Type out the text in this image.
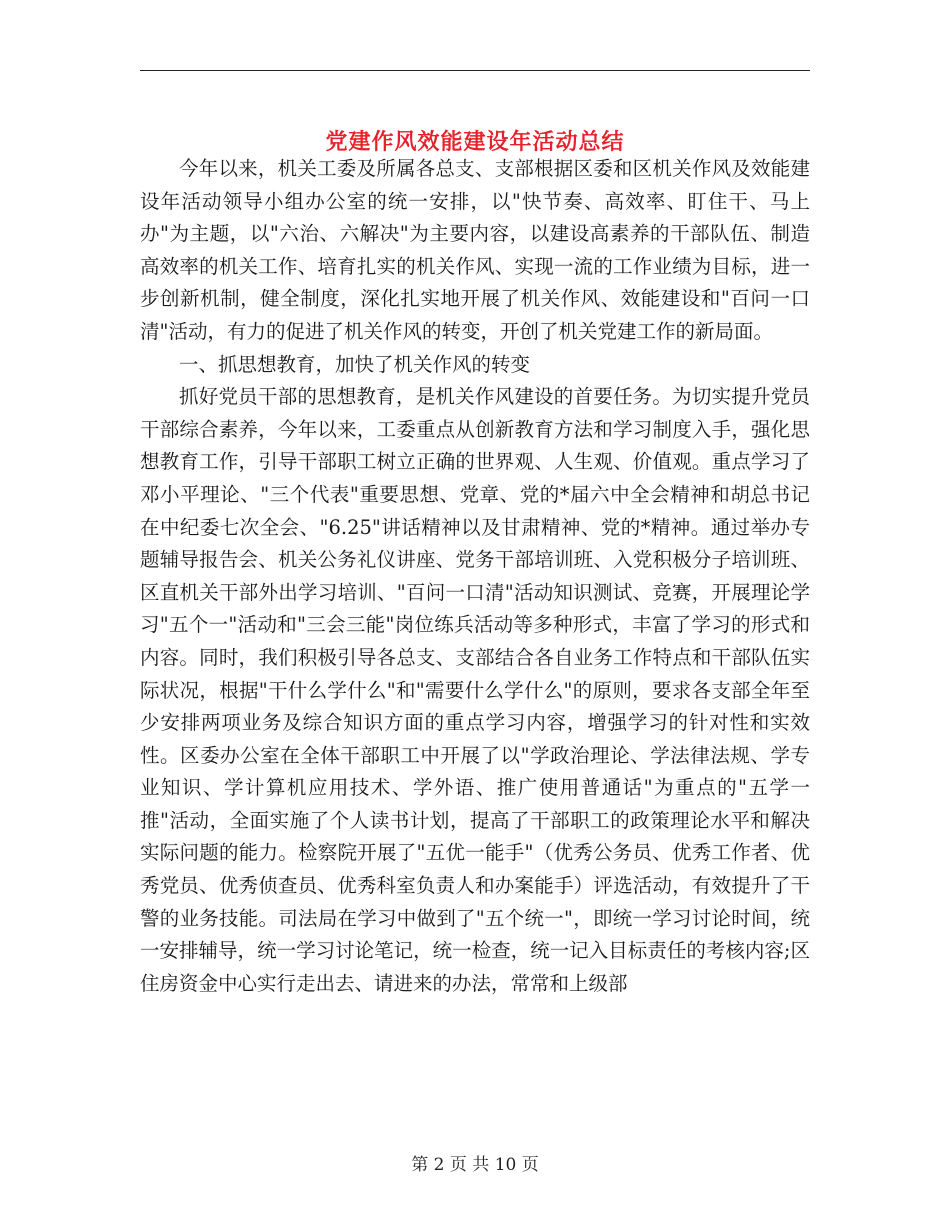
党建作风效能建设年活动总结

今年以来，机关工委及所属各总支、支部根据区委和区机关作风及效能建设年活动领导小组办公室的统一安排，以"快节奏、高效率、盯住干、马上办"为主题，以"六治、六解决"为主要内容，以建设高素养的干部队伍、制造高效率的机关工作、培育扎实的机关作风、实现一流的工作业绩为目标，进一步创新机制，健全制度，深化扎实地开展了机关作风、效能建设和"百问一口清"活动，有力的促进了机关作风的转变，开创了机关党建工作的新局面。

一、抓思想教育，加快了机关作风的转变

抓好党员干部的思想教育，是机关作风建设的首要任务。为切实提升党员干部综合素养，今年以来，工委重点从创新教育方法和学习制度入手，强化思想教育工作，引导干部职工树立正确的世界观、人生观、价值观。重点学习了邓小平理论、"三个代表"重要思想、党章、党的*届六中全会精神和胡总书记在中纪委七次全会、"6.25"讲话精神以及甘肃精神、党的*精神。通过举办专题辅导报告会、机关公务礼仪讲座、党务干部培训班、入党积极分子培训班、区直机关干部外出学习培训、"百问一口清"活动知识测试、竞赛，开展理论学习"五个一"活动和"三会三能"岗位练兵活动等多种形式，丰富了学习的形式和内容。同时，我们积极引导各总支、支部结合各自业务工作特点和干部队伍实际状况，根据"干什么学什么"和"需要什么学什么"的原则，要求各支部全年至少安排两项业务及综合知识方面的重点学习内容，增强学习的针对性和实效性。区委办公室在全体干部职工中开展了以"学政治理论、学法律法规、学专业知识、学计算机应用技术、学外语、推广使用普通话"为重点的"五学一推"活动，全面实施了个人读书计划，提高了干部职工的政策理论水平和解决实际问题的能力。检察院开展了"五优一能手"（优秀公务员、优秀工作者、优秀党员、优秀侦查员、优秀科室负责人和办案能手）评选活动，有效提升了干警的业务技能。司法局在学习中做到了"五个统一"，即统一学习讨论时间，统一安排辅导，统一学习讨论笔记，统一检查，统一记入目标责任的考核内容;区住房资金中心实行走出去、请进来的办法，常常和上级部

第 2 页 共 10 页
